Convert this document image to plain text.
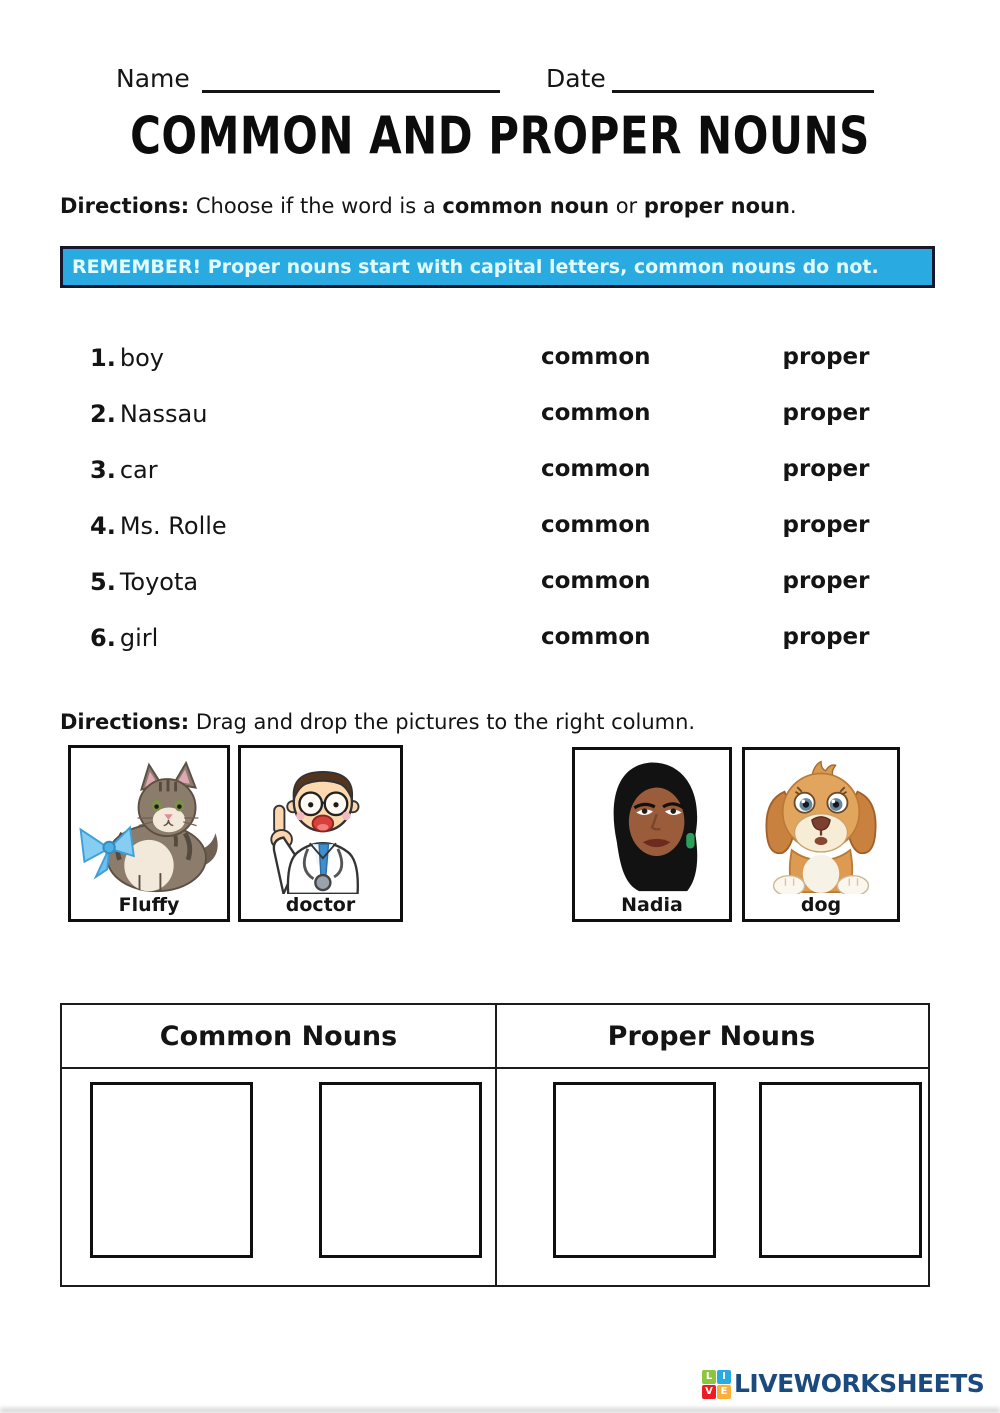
Name	Date
COMMON AND PROPER NOUNS
Directions: Choose if the word is a common noun or proper noun.
REMEMBER! Proper nouns start with capital letters, common nouns do not.
1. boy	common	proper
2. Nassau	common	proper
3. car	common	proper
4. Ms. Rolle	common	proper
5. Toyota	common	proper
6. girl	common	proper
Directions: Drag and drop the pictures to the right column.
Fluffy	doctor	Nadia	dog
Common Nouns	Proper Nouns
L I
V E LIVEWORKSHEETS
